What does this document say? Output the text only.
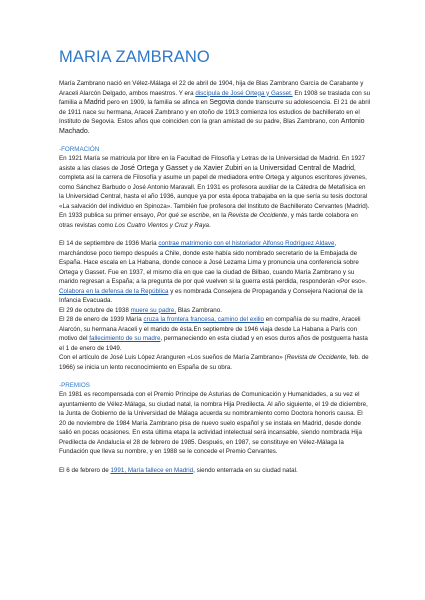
MARIA ZAMBRANO

María Zambrano nació en Vélez-Málaga el 22 de abril de 1904, hija de Blas Zambrano García de Carabante y Araceli Alarcón Delgado, ambos maestros. Y era discípula de José Ortega y Gasset. En 1908 se traslada con su familia a Madrid pero en 1909, la familia se afinca en Segovia donde transcurre su adolescencia. El 21 de abril de 1911 nace su hermana, Araceli Zambrano y en otoño de 1913 comienza los estudios de bachillerato en el Instituto de Segovia. Estos años que coinciden con la gran amistad de su padre, Blas Zambrano, con Antonio Machado.

-FORMACIÓN

En 1921 María se matricula por libre en la Facultad de Filosofía y Letras de la Universidad de Madrid. En 1927 asiste a las clases de José Ortega y Gasset y de Xavier Zubiri en la Universidad Central de Madrid, completa así la carrera de Filosofía y asume un papel de mediadora entre Ortega y algunos escritores jóvenes, como Sánchez Barbudo o José Antonio Maravall. En 1931 es profesora auxiliar de la Cátedra de Metafísica en la Universidad Central, hasta el año 1936, aunque ya por esta época trabajaba en la que sería su tesis doctoral «La salvación del individuo en Spinoza». También fue profesora del Instituto de Bachillerato Cervantes (Madrid). En 1933 publica su primer ensayo, Por qué se escribe, en la Revista de Occidente, y más tarde colabora en otras revistas como Los Cuatro Vientos y Cruz y Raya.

El 14 de septiembre de 1936 María contrae matrimonio con el historiador Alfonso Rodríguez Aldave, marchándose poco tiempo después a Chile, donde este había sido nombrado secretario de la Embajada de España. Hace escala en La Habana, donde conoce a José Lezama Lima y pronuncia una conferencia sobre Ortega y Gasset. Fue en 1937, el mismo día en que cae la ciudad de Bilbao, cuando María Zambrano y su marido regresan a España; a la pregunta de por qué vuelven si la guerra está perdida, responderán «Por eso». Colabora en la defensa de la República y es nombrada Consejera de Propaganda y Consejera Nacional de la Infancia Evacuada.

El 29 de octubre de 1938 muere su padre, Blas Zambrano.

El 28 de enero de 1939 María cruza la frontera francesa, camino del exilio en compañía de su madre, Araceli Alarcón, su hermana Araceli y el marido de ésta.En septiembre de 1946 viaja desde La Habana a París con motivo del fallecimiento de su madre, permaneciendo en esta ciudad y en esos duros años de postguerra hasta el 1 de enero de 1949.

Con el artículo de José Luis López Aranguren «Los sueños de María Zambrano» (Revista de Occidente, feb. de 1966) se inicia un lento reconocimiento en España de su obra.

-PREMIOS

En 1981 es recompensada con el Premio Príncipe de Asturias de Comunicación y Humanidades, a su vez el ayuntamiento de Vélez-Málaga, su ciudad natal, la nombra Hija Predilecta. Al año siguiente, el 19 de diciembre, la Junta de Gobierno de la Universidad de Málaga acuerda su nombramiento como Doctora honoris causa. El 20 de noviembre de 1984 María Zambrano pisa de nuevo suelo español y se instala en Madrid, desde donde salió en pocas ocasiones. En esta última etapa la actividad intelectual será incansable, siendo nombrada Hija Predilecta de Andalucía el 28 de febrero de 1985. Después, en 1987, se constituye en Vélez-Málaga la Fundación que lleva su nombre, y en 1988 se le concede el Premio Cervantes.

El 6 de febrero de 1991, María fallece en Madrid, siendo enterrada en su ciudad natal.
